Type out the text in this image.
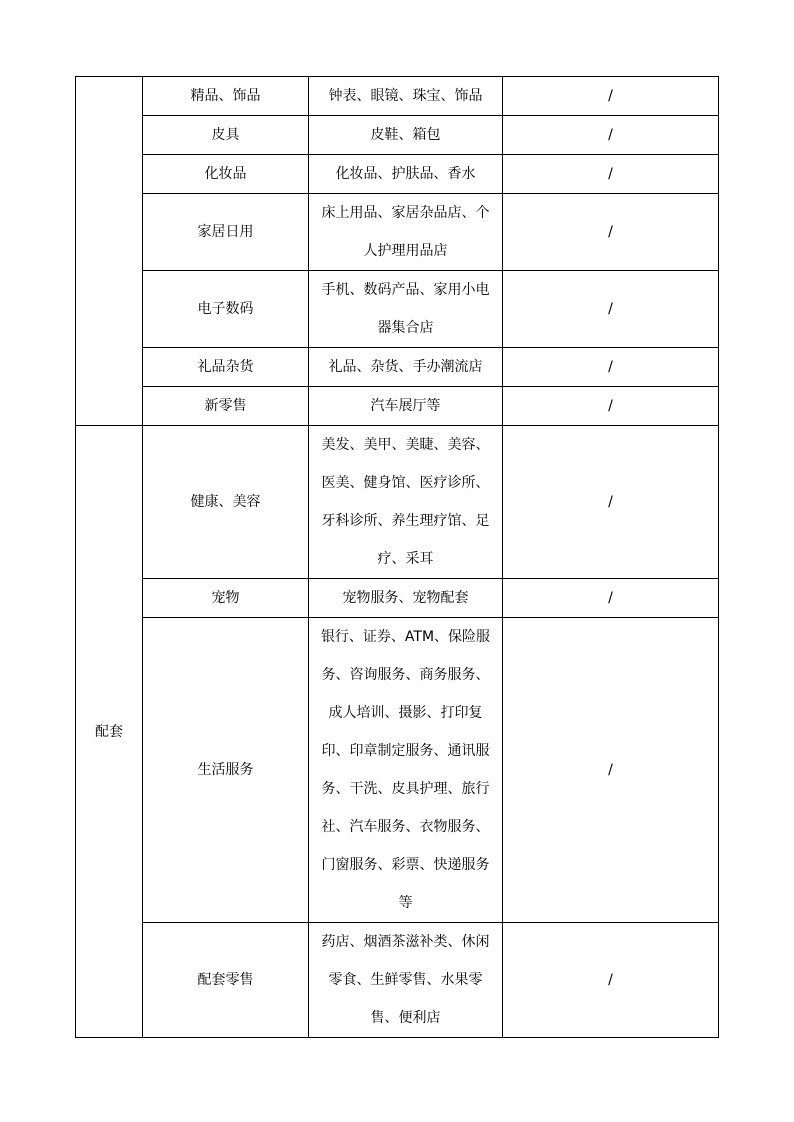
	精品、饰品	钟表、眼镜、珠宝、饰品	/
	皮具	皮鞋、箱包	/
	化妆品	化妆品、护肤品、香水	/
	家居日用	床上用品、家居杂品店、个人护理用品店	/
	电子数码	手机、数码产品、家用小电器集合店	/
	礼品杂货	礼品、杂货、手办潮流店	/
	新零售	汽车展厅等	/
配套	健康、美容	美发、美甲、美睫、美容、医美、健身馆、医疗诊所、牙科诊所、养生理疗馆、足疗、采耳	/
	宠物	宠物服务、宠物配套	/
	生活服务	银行、证券、ATM、保险服务、咨询服务、商务服务、成人培训、摄影、打印复印、印章制定服务、通讯服务、干洗、皮具护理、旅行社、汽车服务、衣物服务、门窗服务、彩票、快递服务等	/
	配套零售	药店、烟酒茶滋补类、休闲零食、生鲜零售、水果零售、便利店	/
